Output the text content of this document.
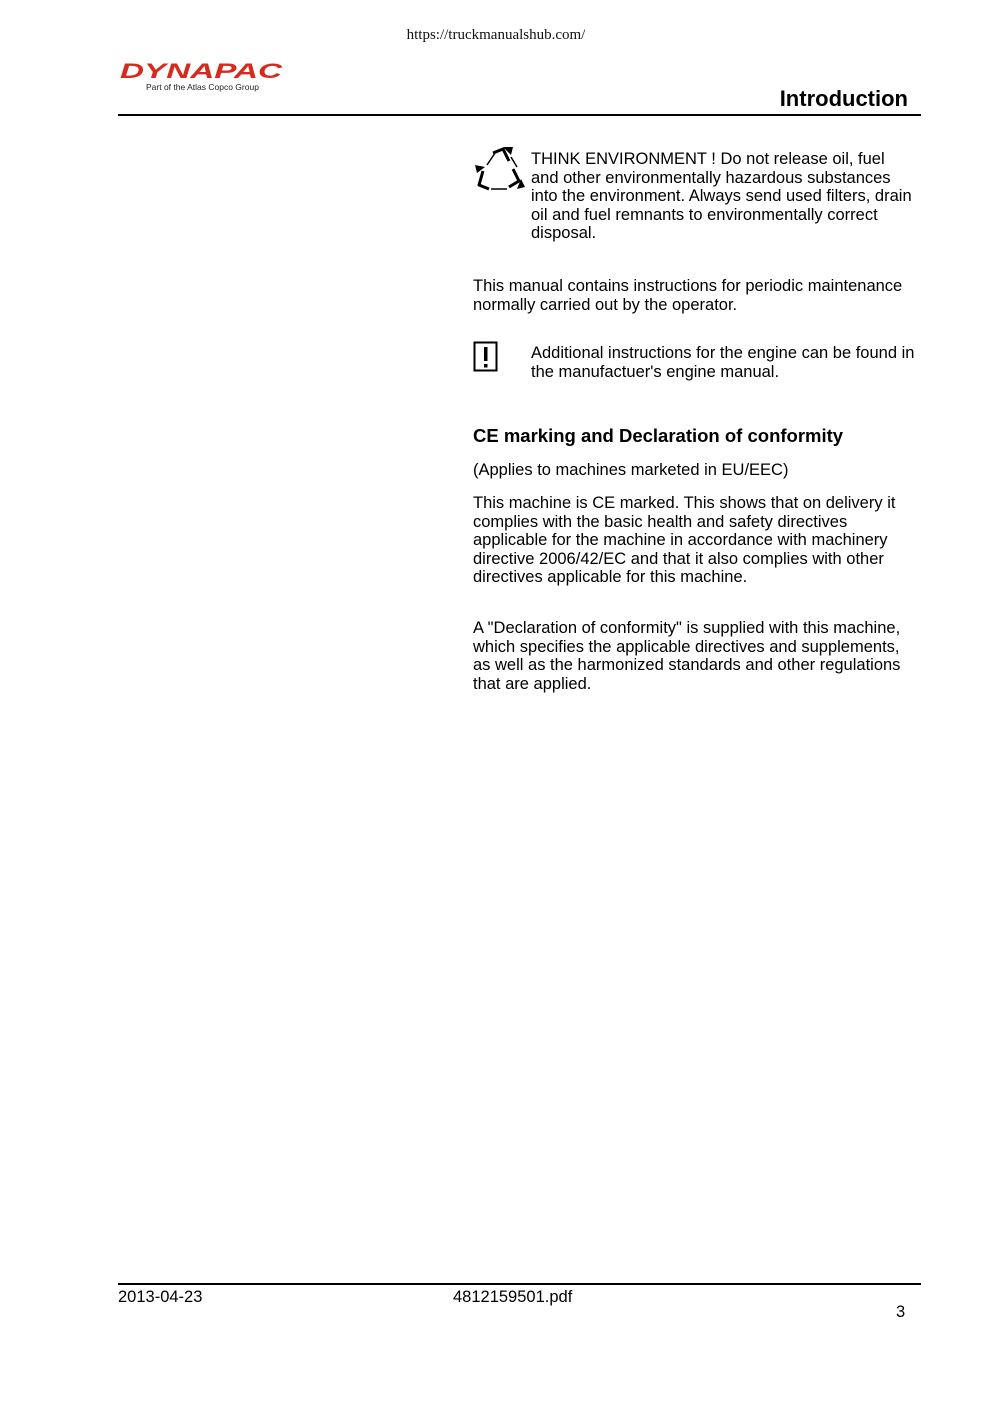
https://truckmanualshub.com/
DYNAPAC
Part of the Atlas Copco Group	Introduction
THINK ENVIRONMENT ! Do not release oil, fuel and other environmentally hazardous substances into the environment. Always send used filters, drain oil and fuel remnants to environmentally correct disposal.
This manual contains instructions for periodic maintenance normally carried out by the operator.
Additional instructions for the engine can be found in the manufactuer's engine manual.
CE marking and Declaration of conformity
(Applies to machines marketed in EU/EEC)
This machine is CE marked. This shows that on delivery it complies with the basic health and safety directives applicable for the machine in accordance with machinery directive 2006/42/EC and that it also complies with other directives applicable for this machine.
A "Declaration of conformity" is supplied with this machine, which specifies the applicable directives and supplements, as well as the harmonized standards and other regulations that are applied.
2013-04-23	4812159501.pdf
3
